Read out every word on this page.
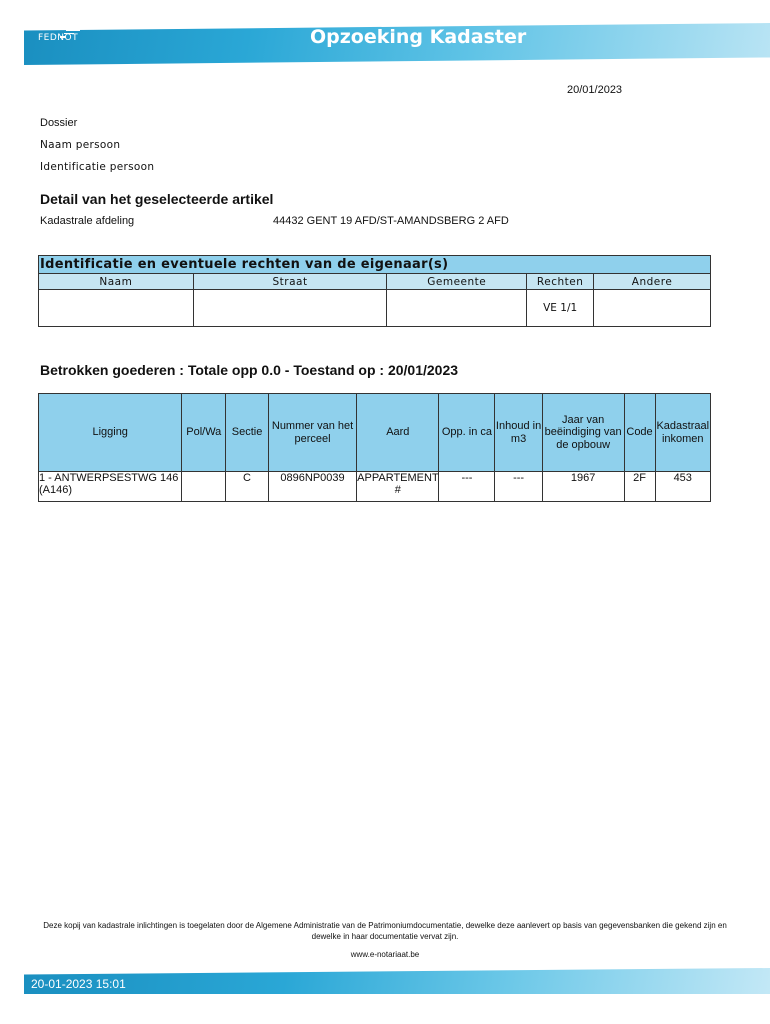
FEDNOT	Opzoeking Kadaster
20/01/2023
Dossier
Naam persoon
Identificatie persoon
Detail van het geselecteerde artikel
Kadastrale afdeling	44432 GENT 19 AFD/ST-AMANDSBERG 2 AFD
Identificatie en eventuele rechten van de eigenaar(s)				
Naam	Straat	Gemeente	Rechten	Andere
			VE 1/1	
Betrokken goederen : Totale opp 0.0 - Toestand op : 20/01/2023
Ligging	Pol/Wa	Sectie	Nummer van het perceel	Aard	Opp. in ca	Inhoud in m3	Jaar van beëindiging van de opbouw	Code	Kadastraal inkomen
1 - ANTWERPSESTWG 146 (A146)		C	0896NP0039	APPARTEMENT #	---	---	1967	2F	453
Deze kopij van kadastrale inlichtingen is toegelaten door de Algemene Administratie van de Patrimoniumdocumentatie, dewelke deze aanlevert op basis van gegevensbanken die gekend zijn en dewelke in haar documentatie vervat zijn.
www.e-notariaat.be
20-01-2023 15:01
